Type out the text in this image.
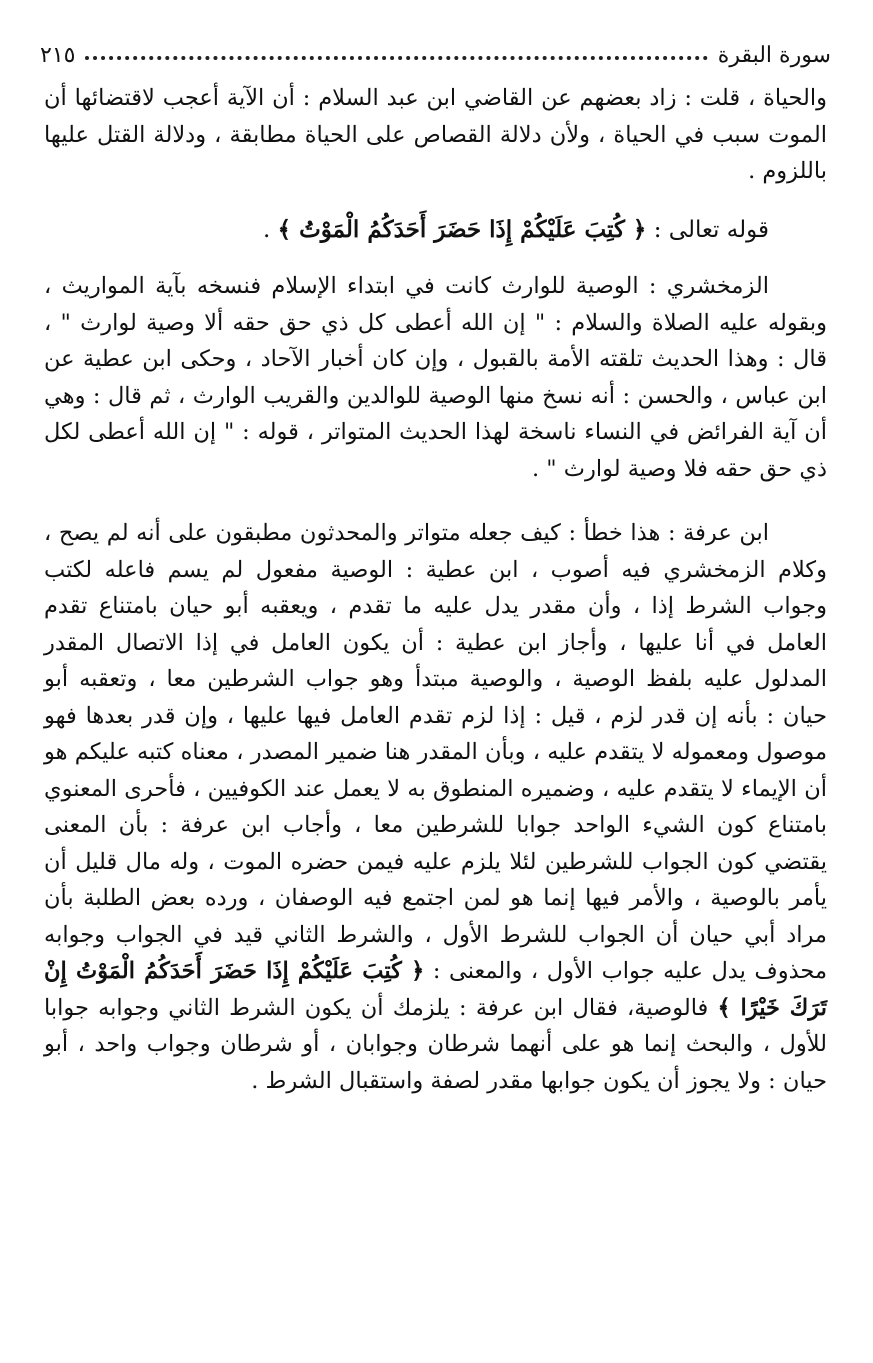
سورة البقرة
٢١٥

والحياة ، قلت : زاد بعضهم عن القاضي ابن عبد السلام : أن الآية أعجب لاقتضائها أن الموت سبب في الحياة ، ولأن دلالة القصاص على الحياة مطابقة ، ودلالة القتل عليها باللزوم .

قوله تعالى : ﴿ كُتِبَ عَلَيْكُمْ إِذَا حَضَرَ أَحَدَكُمُ الْمَوْتُ ﴾ .

الزمخشري : الوصية للوارث كانت في ابتداء الإسلام فنسخه بآية المواريث ، وبقوله عليه الصلاة والسلام : " إن الله أعطى كل ذي حق حقه ألا وصية لوارث " ، قال : وهذا الحديث تلقته الأمة بالقبول ، وإن كان أخبار الآحاد ، وحكى ابن عطية عن ابن عباس ، والحسن : أنه نسخ منها الوصية للوالدين والقريب الوارث ، ثم قال : وهي أن آية الفرائض في النساء ناسخة لهذا الحديث المتواتر ، قوله : " إن الله أعطى لكل ذي حق حقه فلا وصية لوارث " .

ابن عرفة : هذا خطأ : كيف جعله متواتر والمحدثون مطبقون على أنه لم يصح ، وكلام الزمخشري فيه أصوب ، ابن عطية : الوصية مفعول لم يسم فاعله لكتب وجواب الشرط إذا ، وأن مقدر يدل عليه ما تقدم ، ويعقبه أبو حيان بامتناع تقدم العامل في أنا عليها ، وأجاز ابن عطية : أن يكون العامل في إذا الاتصال المقدر المدلول عليه بلفظ الوصية ، والوصية مبتدأ وهو جواب الشرطين معا ، وتعقبه أبو حيان : بأنه إن قدر لزم ، قيل : إذا لزم تقدم العامل فيها عليها ، وإن قدر بعدها فهو موصول ومعموله لا يتقدم عليه ، وبأن المقدر هنا ضمير المصدر ، معناه كتبه عليكم هو أن الإيماء لا يتقدم عليه ، وضميره المنطوق به لا يعمل عند الكوفيين ، فأحرى المعنوي بامتناع كون الشيء الواحد جوابا للشرطين معا ، وأجاب ابن عرفة : بأن المعنى يقتضي كون الجواب للشرطين لئلا يلزم عليه فيمن حضره الموت ، وله مال قليل أن يأمر بالوصية ، والأمر فيها إنما هو لمن اجتمع فيه الوصفان ، ورده بعض الطلبة بأن مراد أبي حيان أن الجواب للشرط الأول ، والشرط الثاني قيد في الجواب وجوابه محذوف يدل عليه جواب الأول ، والمعنى : ﴿ كُتِبَ عَلَيْكُمْ إِذَا حَضَرَ أَحَدَكُمُ الْمَوْتُ إِنْ تَرَكَ خَيْرًا ﴾ فالوصية، فقال ابن عرفة : يلزمك أن يكون الشرط الثاني وجوابه جوابا للأول ، والبحث إنما هو على أنهما شرطان وجوابان ، أو شرطان وجواب واحد ، أبو حيان : ولا يجوز أن يكون جوابها مقدر لصفة واستقبال الشرط .
